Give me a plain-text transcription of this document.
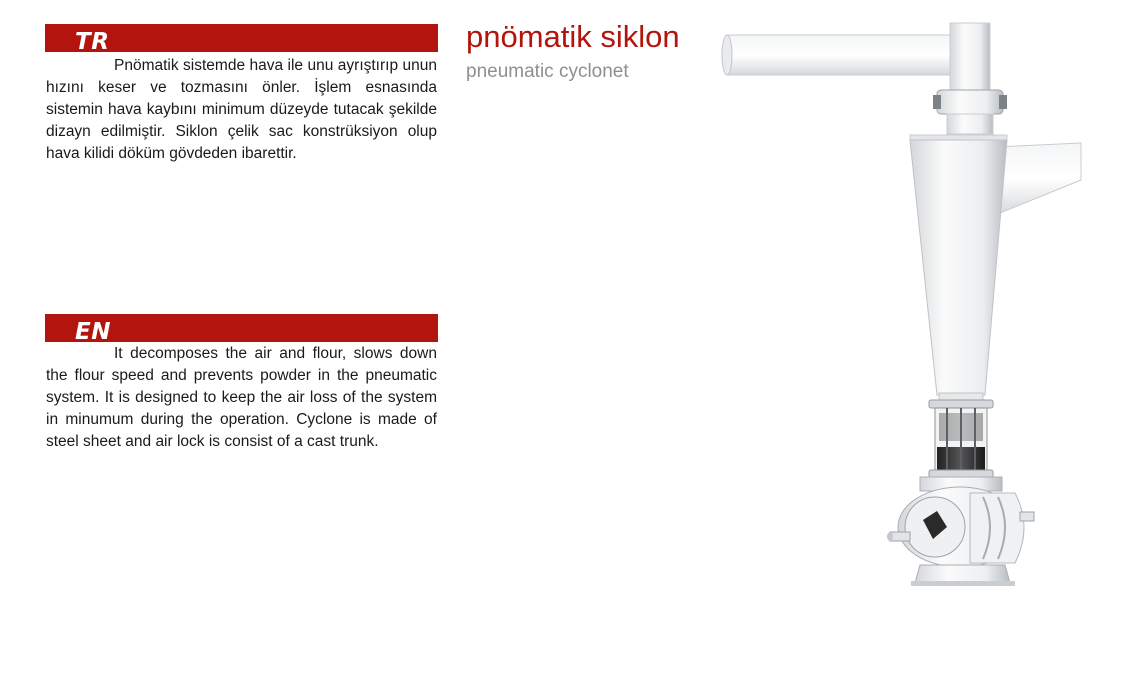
TR

Pnömatik sistemde hava ile unu ayrıştırıp unun hızını keser ve tozmasını önler. İşlem esnasında sistemin hava kaybını minimum düzeyde tutacak şekilde dizayn edilmiştir. Siklon çelik sac konstrüksiyon olup hava kilidi döküm gövdeden ibarettir.

EN

It decomposes the air and flour, slows down the flour speed and prevents powder in the pneumatic system. It is designed to keep the air loss of the system in minumum during the operation. Cyclone is made of steel sheet and air lock is consist of a cast trunk.

pnömatik siklon
pneumatic cyclonet
